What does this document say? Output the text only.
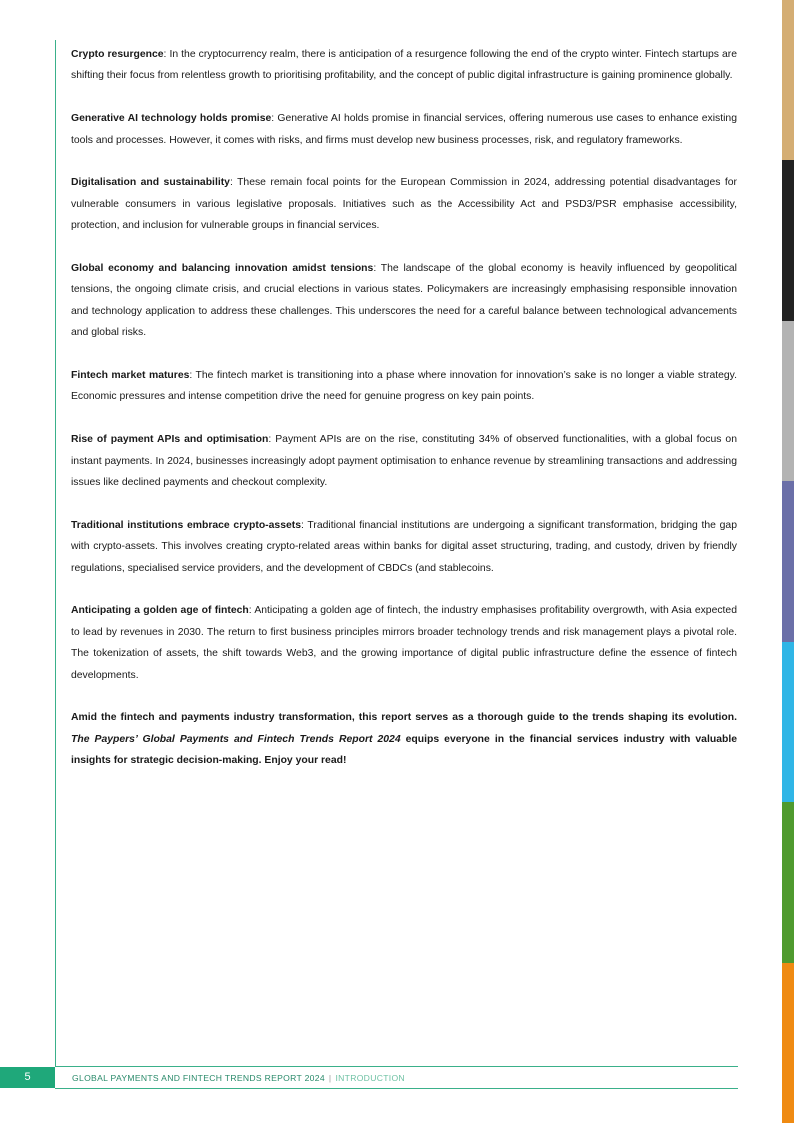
Crypto resurgence: In the cryptocurrency realm, there is anticipation of a resurgence following the end of the crypto winter. Fintech startups are shifting their focus from relentless growth to prioritising profitability, and the concept of public digital infrastructure is gaining prominence globally.

Generative AI technology holds promise: Generative AI holds promise in financial services, offering numerous use cases to enhance existing tools and processes. However, it comes with risks, and firms must develop new business processes, risk, and regulatory frameworks.

Digitalisation and sustainability: These remain focal points for the European Commission in 2024, addressing potential disadvantages for vulnerable consumers in various legislative proposals. Initiatives such as the Accessibility Act and PSD3/PSR emphasise accessibility, protection, and inclusion for vulnerable groups in financial services.

Global economy and balancing innovation amidst tensions: The landscape of the global economy is heavily influenced by geopolitical tensions, the ongoing climate crisis, and crucial elections in various states. Policymakers are increasingly emphasising responsible innovation and technology application to address these challenges. This underscores the need for a careful balance between technological advancements and global risks.

Fintech market matures: The fintech market is transitioning into a phase where innovation for innovation’s sake is no longer a viable strategy. Economic pressures and intense competition drive the need for genuine progress on key pain points.

Rise of payment APIs and optimisation: Payment APIs are on the rise, constituting 34% of observed functionalities, with a global focus on instant payments. In 2024, businesses increasingly adopt payment optimisation to enhance revenue by streamlining transactions and addressing issues like declined payments and checkout complexity.

Traditional institutions embrace crypto-assets: Traditional financial institutions are undergoing a significant transformation, bridging the gap with crypto-assets. This involves creating crypto-related areas within banks for digital asset structuring, trading, and custody, driven by friendly regulations, specialised service providers, and the development of CBDCs (and stablecoins.

Anticipating a golden age of fintech: Anticipating a golden age of fintech, the industry emphasises profitability overgrowth, with Asia expected to lead by revenues in 2030. The return to first business principles mirrors broader technology trends and risk management plays a pivotal role. The tokenization of assets, the shift towards Web3, and the growing importance of digital public infrastructure define the essence of fintech developments.

Amid the fintech and payments industry transformation, this report serves as a thorough guide to the trends shaping its evolution. The Paypers’ Global Payments and Fintech Trends Report 2024 equips everyone in the financial services industry with valuable insights for strategic decision-making. Enjoy your read!

5	GLOBAL PAYMENTS AND FINTECH TRENDS REPORT 2024 | INTRODUCTION
